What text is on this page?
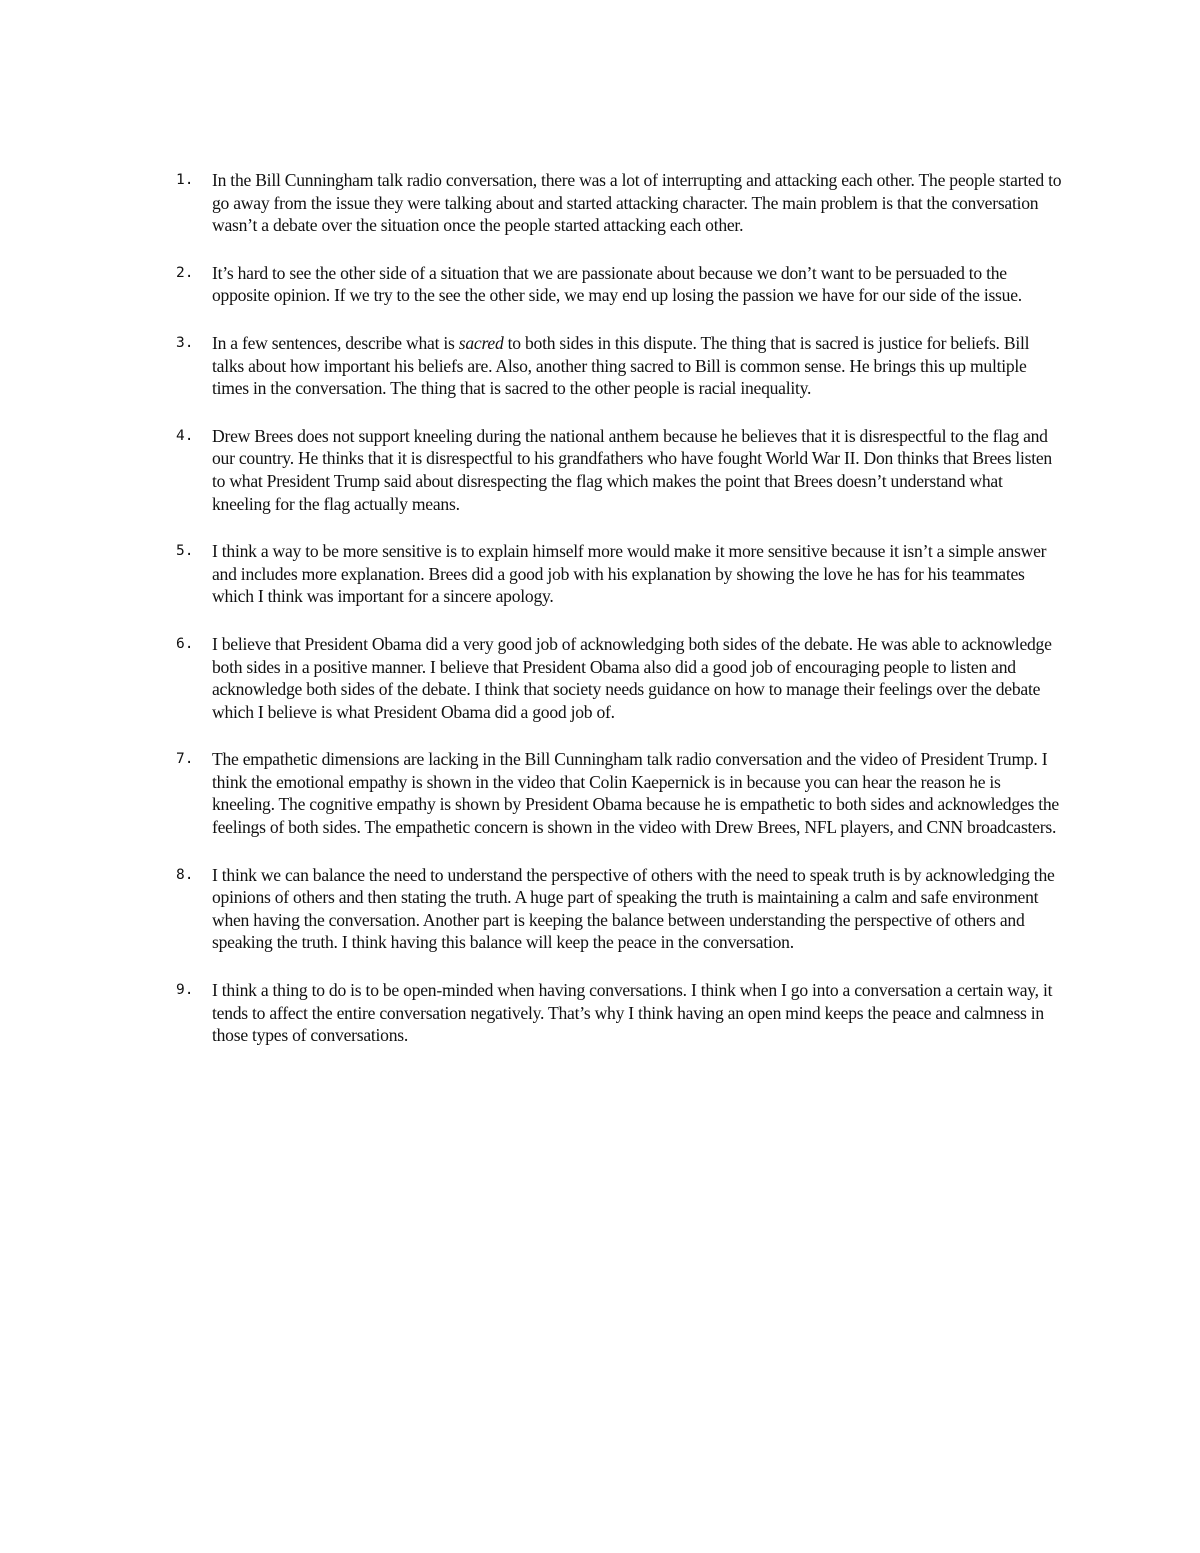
1.	In the Bill Cunningham talk radio conversation, there was a lot of interrupting and attacking each other. The people started to go away from the issue they were talking about and started attacking character. The main problem is that the conversation wasn’t a debate over the situation once the people started attacking each other.
2.	It’s hard to see the other side of a situation that we are passionate about because we don’t want to be persuaded to the opposite opinion. If we try to the see the other side, we may end up losing the passion we have for our side of the issue.
3.	In a few sentences, describe what is sacred to both sides in this dispute. The thing that is sacred is justice for beliefs. Bill talks about how important his beliefs are. Also, another thing sacred to Bill is common sense. He brings this up multiple times in the conversation. The thing that is sacred to the other people is racial inequality.
4.	Drew Brees does not support kneeling during the national anthem because he believes that it is disrespectful to the flag and our country. He thinks that it is disrespectful to his grandfathers who have fought World War II. Don thinks that Brees listen to what President Trump said about disrespecting the flag which makes the point that Brees doesn’t understand what kneeling for the flag actually means.
5.	I think a way to be more sensitive is to explain himself more would make it more sensitive because it isn’t a simple answer and includes more explanation. Brees did a good job with his explanation by showing the love he has for his teammates which I think was important for a sincere apology.
6.	I believe that President Obama did a very good job of acknowledging both sides of the debate. He was able to acknowledge both sides in a positive manner. I believe that President Obama also did a good job of encouraging people to listen and acknowledge both sides of the debate. I think that society needs guidance on how to manage their feelings over the debate which I believe is what President Obama did a good job of.
7.	The empathetic dimensions are lacking in the Bill Cunningham talk radio conversation and the video of President Trump. I think the emotional empathy is shown in the video that Colin Kaepernick is in because you can hear the reason he is kneeling. The cognitive empathy is shown by President Obama because he is empathetic to both sides and acknowledges the feelings of both sides. The empathetic concern is shown in the video with Drew Brees, NFL players, and CNN broadcasters.
8.	I think we can balance the need to understand the perspective of others with the need to speak truth is by acknowledging the opinions of others and then stating the truth. A huge part of speaking the truth is maintaining a calm and safe environment when having the conversation. Another part is keeping the balance between understanding the perspective of others and speaking the truth. I think having this balance will keep the peace in the conversation.
9.	I think a thing to do is to be open-minded when having conversations. I think when I go into a conversation a certain way, it tends to affect the entire conversation negatively. That’s why I think having an open mind keeps the peace and calmness in those types of conversations.
